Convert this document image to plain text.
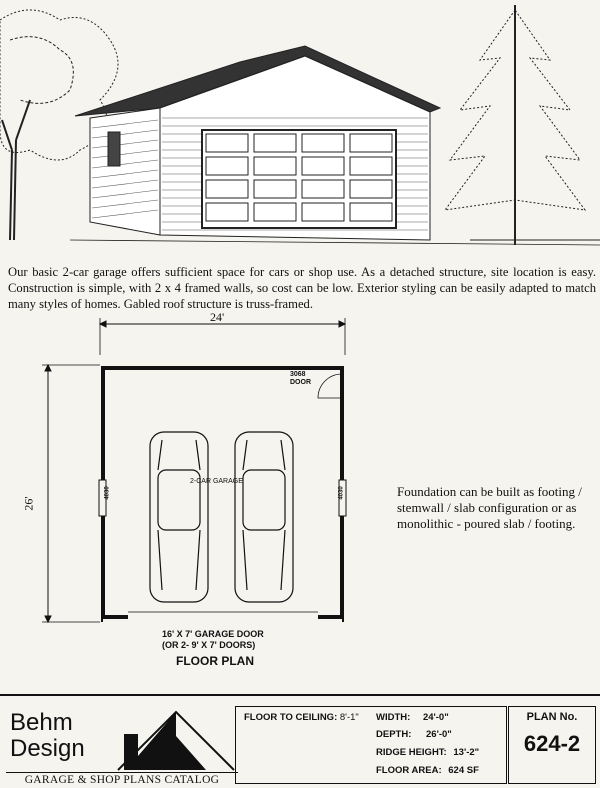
Our basic 2-car garage offers sufficient space for cars or shop use. As a detached structure, site location is easy. Construction is simple, with 2 x 4 framed walls, so cost can be low. Exterior styling can be easily adapted to match many styles of homes. Gabled roof structure is truss-framed.
24'
26'
3068
DOOR
2-CAR GARAGE
4030	4030
16' X 7' GARAGE DOOR
(OR 2- 9' X 7' DOORS)
FLOOR PLAN
Foundation can be built as footing / stemwall / slab configuration or as monolithic - poured slab / footing.
Behm
Design
GARAGE & SHOP PLANS CATALOG
FLOOR TO CEILING: 8'-1" WIDTH: 24'-0"
DEPTH: 26'-0"
RIDGE HEIGHT: 13'-2"
FLOOR AREA: 624 SF
PLAN No.
624-2
